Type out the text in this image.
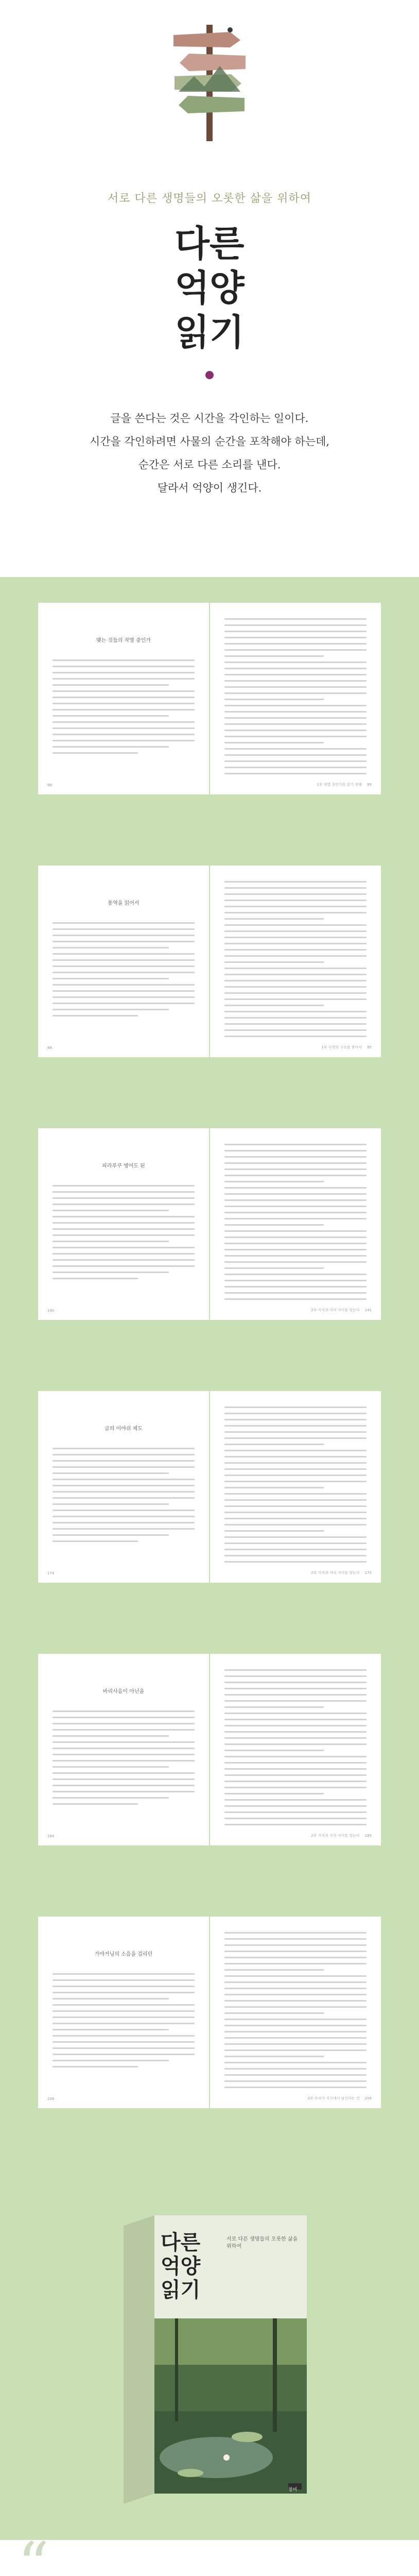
서로 다른 생명들의 오롯한 삶을 위하여
다른
억양
읽기
글을 쓴다는 것은 시간을 각인하는 일이다.
시간을 각인하려면 사물의 순간을 포착해야 하는데,
순간은 서로 다른 소리를 낸다.
달라서 억양이 생긴다.
맺는 것들의 작별 중인가
98	1부 작별 중인가를 읽기 위해 99
통역을 읽어서
88	1부 수학의 구조를 찾아서 95
피라루쿠 병어도 된
140	2부 지식과 지식 사이를 잇는다 141
글의 이야쉬 제도
174	2부 지식과 지식 사이를 잇는다 175
바리사음이 아닌을
184	2부 지식과 지식 사이를 잇는다 185
가야거닝의 소음을 걸리던
208	3부 우리가 지구에서 남긴다는 것 209
다른
억양
읽기
서로 다른 생명들의 오롯한 삶을 위하여
창비
“
